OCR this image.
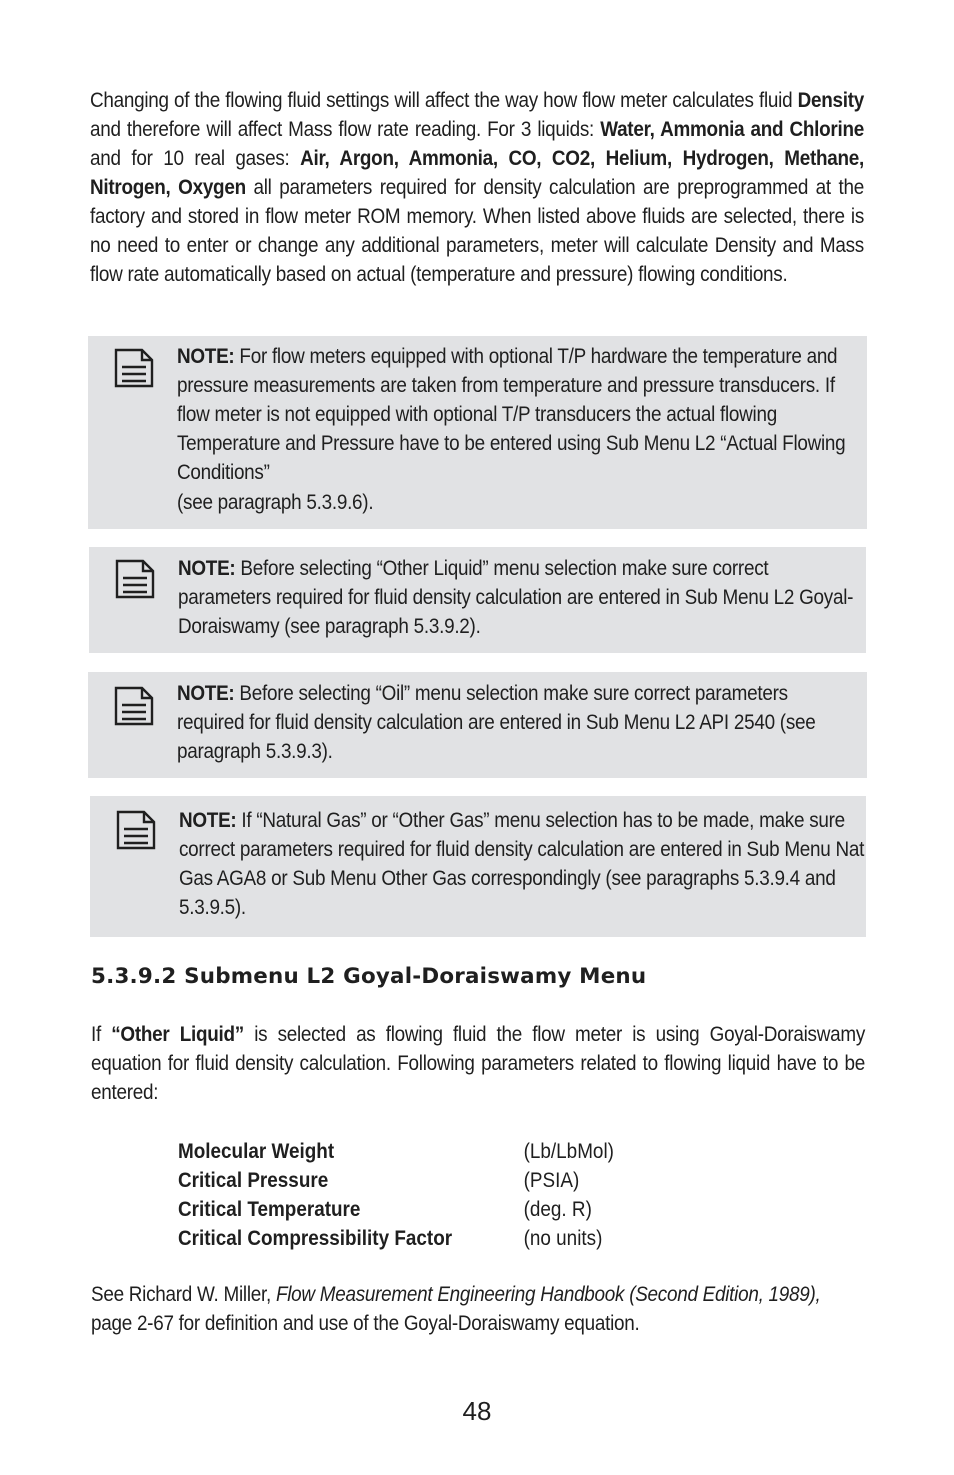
Changing of the flowing fluid settings will affect the way how flow meter calculates fluid Density and therefore will affect Mass flow rate reading. For 3 liquids: Water, Ammonia and Chlorine and for 10 real gases: Air, Argon, Ammonia, CO, CO2, Helium, Hydrogen, Methane, Nitrogen, Oxygen all parameters required for density calculation are preprogrammed at the factory and stored in flow meter ROM memory. When listed above fluids are selected, there is no need to enter or change any additional parameters, meter will calculate Density and Mass flow rate automatically based on actual (temperature and pressure) flowing conditions.
NOTE: For flow meters equipped with optional T/P hardware the temperature and pressure measurements are taken from temperature and pressure transducers. If flow meter is not equipped with optional T/P transducers the actual flowing Temperature and Pressure have to be entered using Sub Menu L2 “Actual Flowing Conditions”
(see paragraph 5.3.9.6).
NOTE: Before selecting “Other Liquid” menu selection make sure correct parameters required for fluid density calculation are entered in Sub Menu L2 Goyal-Doraiswamy (see paragraph 5.3.9.2).
NOTE: Before selecting “Oil” menu selection make sure correct parameters required for fluid density calculation are entered in Sub Menu L2 API 2540 (see paragraph 5.3.9.3).
NOTE: If “Natural Gas” or “Other Gas” menu selection has to be made, make sure correct parameters required for fluid density calculation are entered in Sub Menu Nat Gas AGA8 or Sub Menu Other Gas correspondingly (see paragraphs 5.3.9.4 and 5.3.9.5).
5.3.9.2 Submenu L2 Goyal-Doraiswamy Menu
If “Other Liquid” is selected as flowing fluid the flow meter is using Goyal-Doraiswamy equation for fluid density calculation. Following parameters related to flowing liquid have to be entered:
Molecular Weight	(Lb/LbMol)
Critical Pressure	(PSIA)
Critical Temperature	(deg. R)
Critical Compressibility Factor	(no units)
See Richard W. Miller, Flow Measurement Engineering Handbook (Second Edition, 1989), page 2-67 for definition and use of the Goyal-Doraiswamy equation.
48
